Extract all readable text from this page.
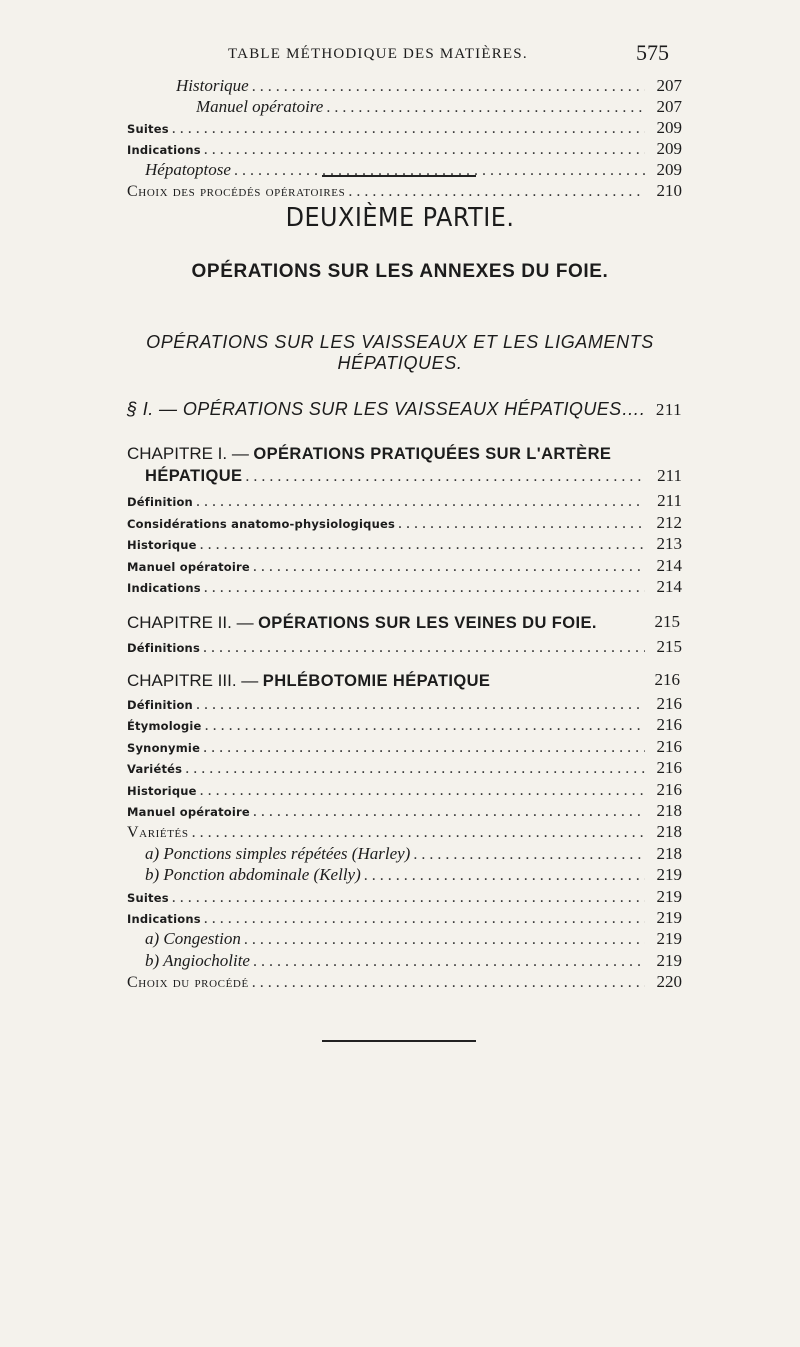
TABLE MÉTHODIQUE DES MATIÈRES.	575
Historique . . .	207
Manuel opératoire . . .	207
Suites . . .	209
Indications . . .	209
Hépatoptose . . .	209
Choix des procédés opératoires . . .	210
DEUXIÈME PARTIE.
OPÉRATIONS SUR LES ANNEXES DU FOIE.
OPÉRATIONS SUR LES VAISSEAUX ET LES LIGAMENTS
HÉPATIQUES.
§ I. — OPÉRATIONS SUR LES VAISSEAUX HÉPATIQUES…. 211
CHAPITRE I. — OPÉRATIONS PRATIQUÉES SUR L'ARTÈRE
HÉPATIQUE . . .	211
Définition . . .	211
Considérations anatomo-physiologiques . . .	212
Historique . . .	213
Manuel opératoire . . .	214
Indications . . .	214
CHAPITRE II. — OPÉRATIONS SUR LES VEINES DU FOIE.	215
Définitions . . .	215
CHAPITRE III. — PHLÉBOTOMIE HÉPATIQUE	216
Définition . . .	216
Étymologie . . .	216
Synonymie . . .	216
Variétés . . .	216
Historique . . .	216
Manuel opératoire . . .	218
Variétés . . .	218
a) Ponctions simples répétées (Harley) . . .	218
b) Ponction abdominale (Kelly) . . .	219
Suites . . .	219
Indications . . .	219
a) Congestion . . .	219
b) Angiocholite . . .	219
Choix du procédé . . .	220
